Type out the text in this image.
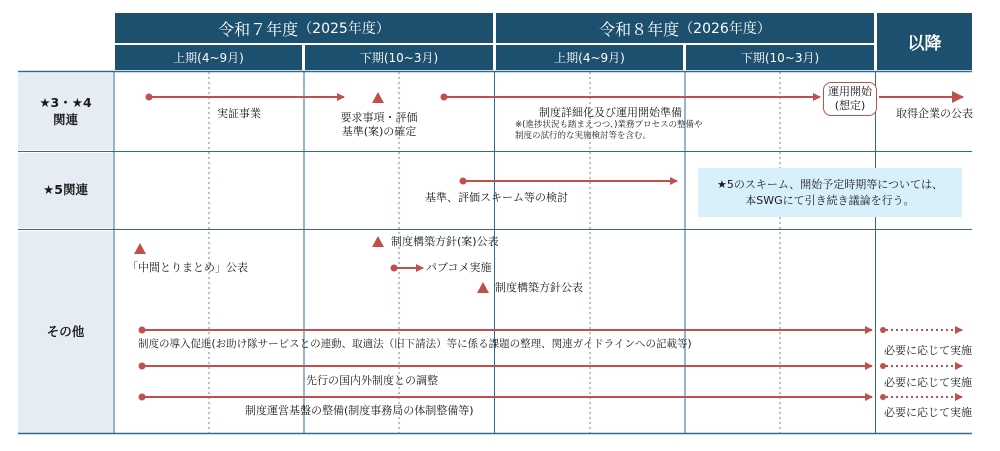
令和７年度 （2025年度）	令和８年度 （2026年度）
以降
上期(4~9月)	下期(10~3月)	上期(4~9月)	下期(10~3月)
★3・★4
関連
★5関連
その他
実証事業	要求事項・評価
基準(案)の確定
制度詳細化及び運用開始準備
※(進捗状況も踏まえつつ、)業務プロセスの整備や
制度の試行的な実施検討等を含む。
運用開始
(想定)
取得企業の公表
基準、評価スキーム等の検討
★5のスキーム、開始予定時期等については、
本SWGにて引き続き議論を行う。
「中間とりまとめ」公表
制度構築方針(案)公表
パブコメ実施
制度構築方針公表
制度の導入促進(お助け隊サービスとの連動、取適法（旧下請法）等に係る課題の整理、関連ガイドラインへの記載等)
先行の国内外制度との調整
制度運営基盤の整備(制度事務局の体制整備等)
必要に応じて実施
必要に応じて実施
必要に応じて実施
